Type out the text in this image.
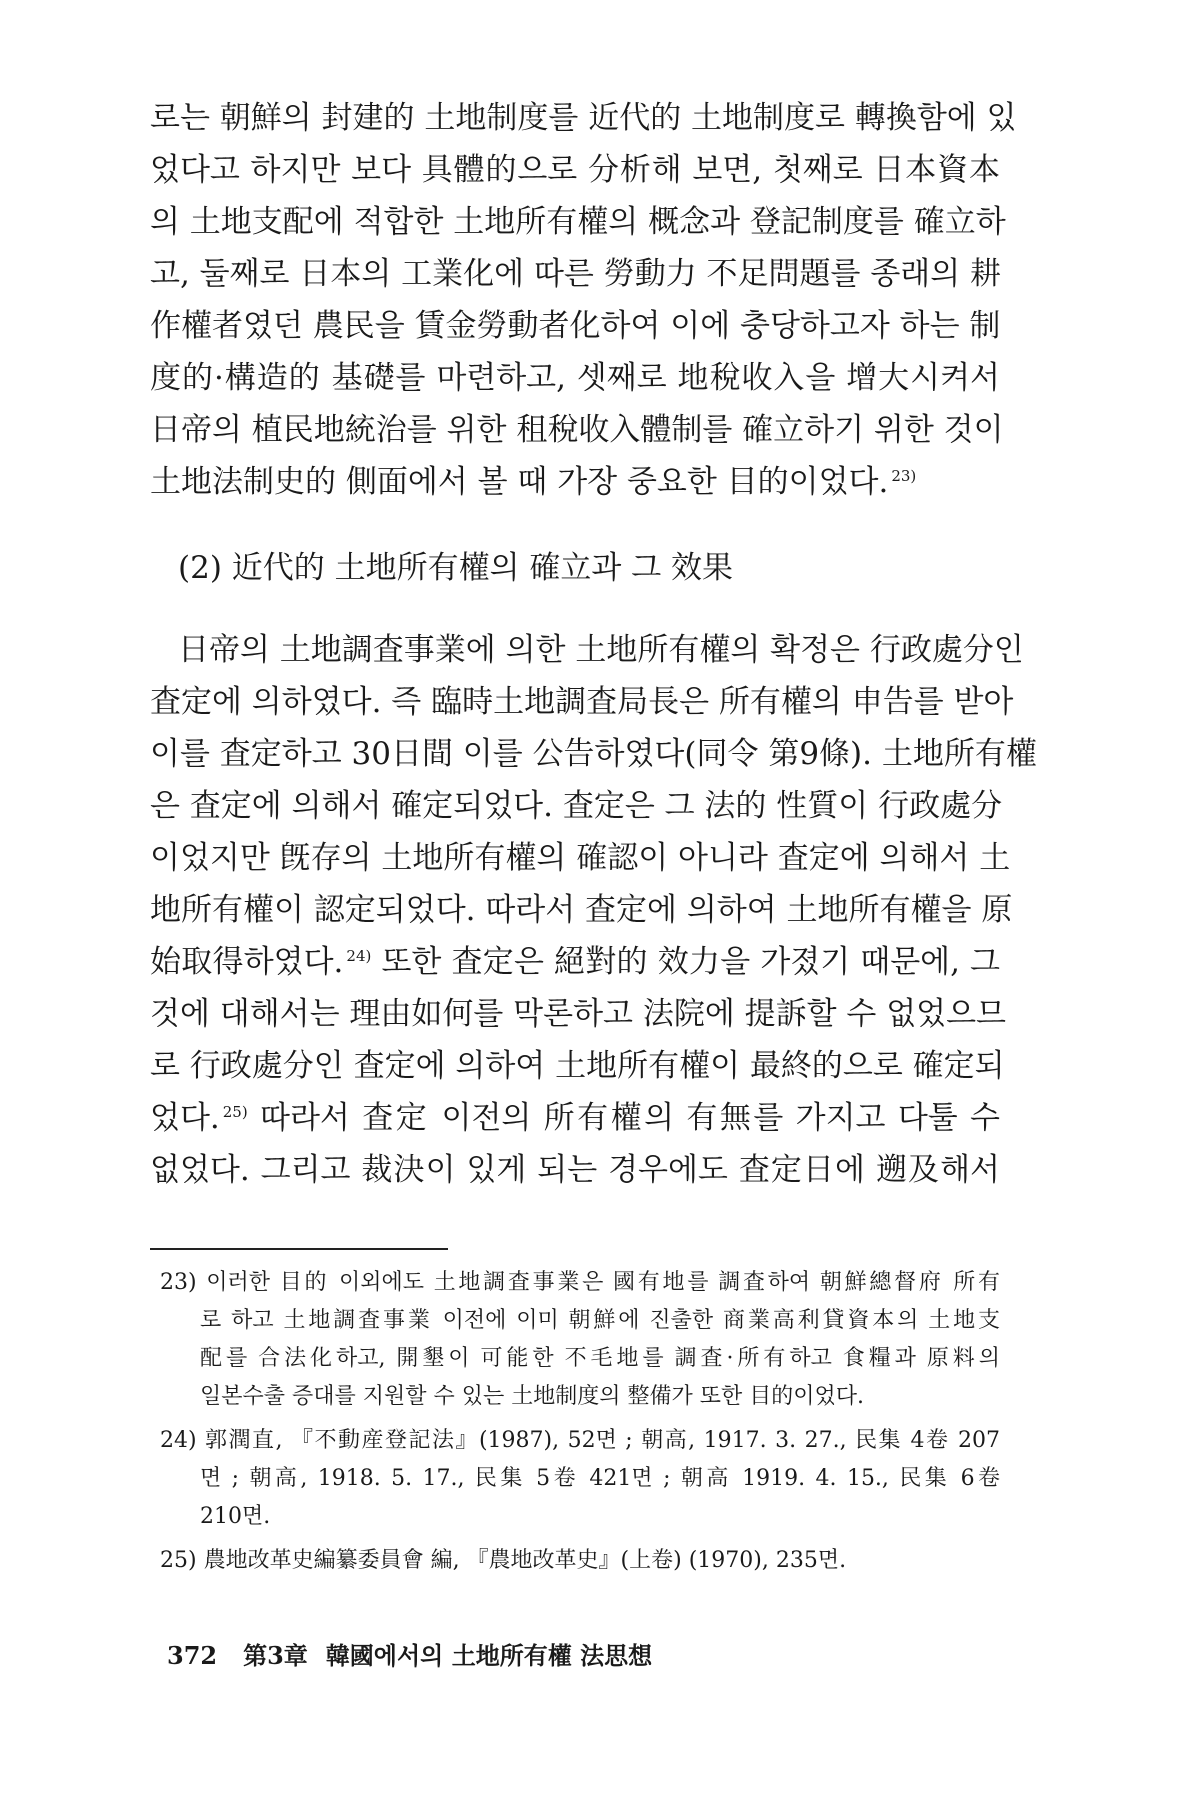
로는 朝鮮의 封建的 土地制度를 近代的 土地制度로 轉換함에 있
었다고 하지만 보다 具體的으로 分析해 보면, 첫째로 日本資本
의 土地支配에 적합한 土地所有權의 概念과 登記制度를 確立하
고, 둘째로 日本의 工業化에 따른 勞動力 不足問題를 종래의 耕
作權者였던 農民을 賃金勞動者化하여 이에 충당하고자 하는 制
度的·構造的 基礎를 마련하고, 셋째로 地稅收入을 增大시켜서
日帝의 植民地統治를 위한 租稅收入體制를 確立하기 위한 것이
土地法制史的 側面에서 볼 때 가장 중요한 目的이었다. $^{23)}$
(2) 近代的 土地所有權의 確立과 그 效果
日帝의 土地調査事業에 의한 土地所有權의 확정은 行政處分인
査定에 의하였다. 즉 臨時土地調査局長은 所有權의 申告를 받아
이를 査定하고 30日間 이를 公告하였다(同令 第9條). 土地所有權
은 査定에 의해서 確定되었다. 査定은 그 法的 性質이 行政處分
이었지만 旣存의 土地所有權의 確認이 아니라 査定에 의해서 土
地所有權이 認定되었다. 따라서 査定에 의하여 土地所有權을 原
始取得하였다. $^{24)}$ 또한 査定은 絕對的 效力을 가졌기 때문에, 그
것에 대해서는 理由如何를 막론하고 法院에 提訴할 수 없었으므
로 行政處分인 査定에 의하여 土地所有權이 最終的으로 確定되
었다. $^{25)}$ 따라서 査定 이전의 所有權의 有無를 가지고 다툴 수
없었다. 그리고 裁決이 있게 되는 경우에도 査定日에 遡及해서
23) 이러한 目的 이외에도 土地調査事業은 國有地를 調査하여 朝鮮總督府 所有
로 하고 土地調査事業 이전에 이미 朝鮮에 진출한 商業高利貸資本의 土地支
配를 合法化하고, 開墾이 可能한 不毛地를 調査·所有하고 食糧과 原料의
일본수출 증대를 지원할 수 있는 土地制度의 整備가 또한 目的이었다.
24) 郭潤直, 『不動産登記法』(1987), 52면 ; 朝高, 1917. 3. 27., 民集 4卷 207
면 ; 朝高, 1918. 5. 17., 民集 5卷 421면 ; 朝高 1919. 4. 15., 民集 6卷
210면.
25) 農地改革史編纂委員會 編, 『農地改革史』(上卷) (1970), 235면.
372 第3章 韓國에서의 土地所有權 法思想
